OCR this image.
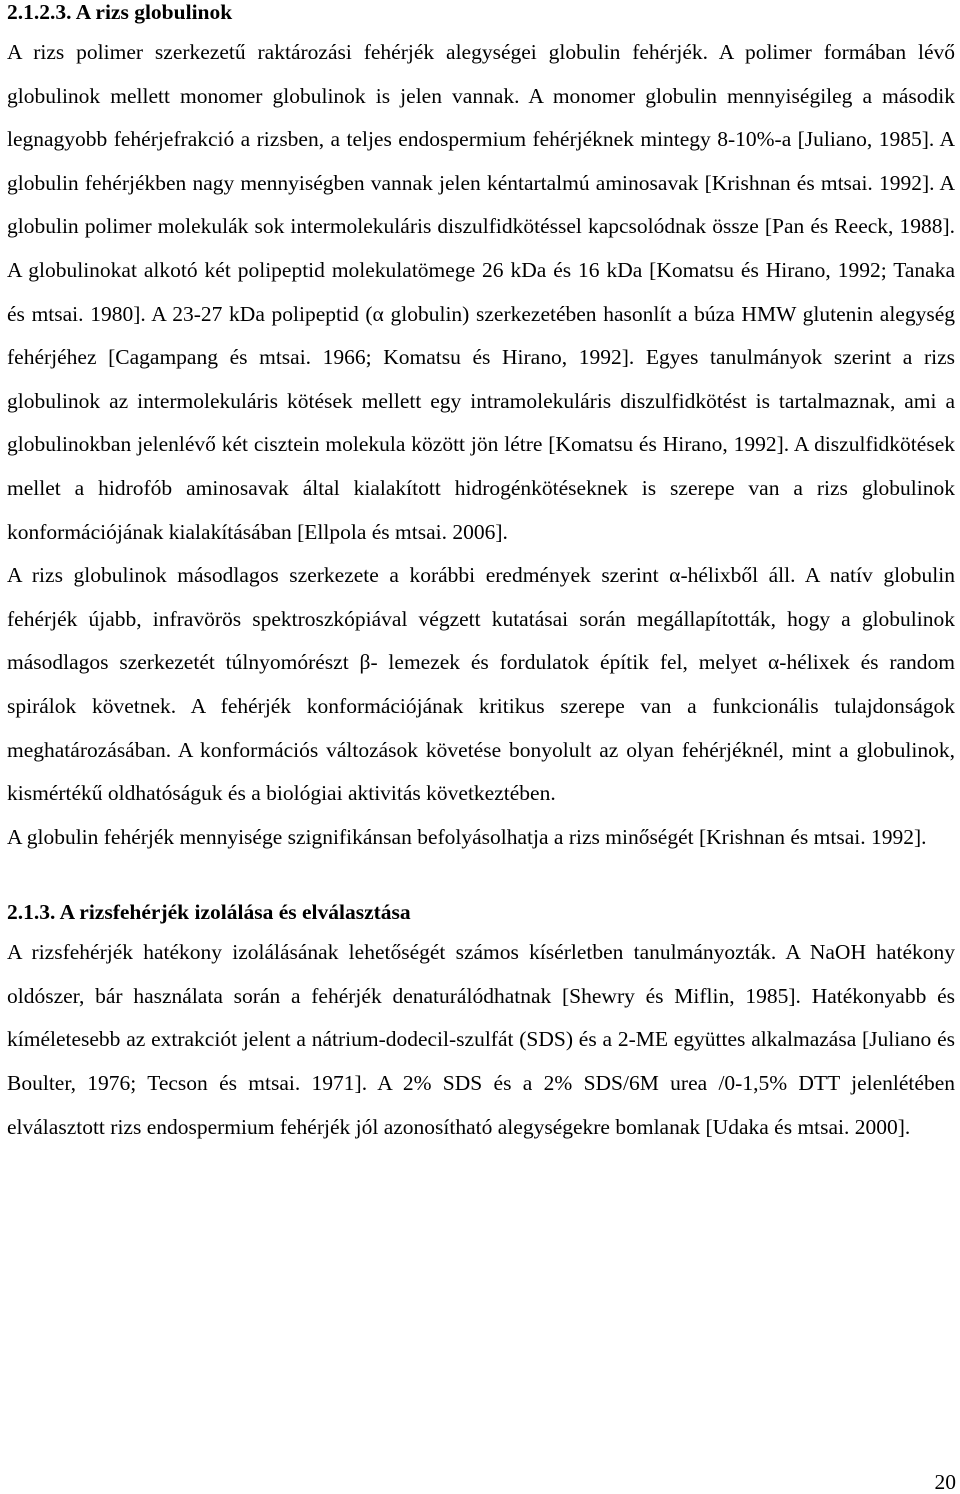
2.1.2.3. A rizs globulinok

A rizs polimer szerkezetű raktározási fehérjék alegységei globulin fehérjék. A polimer formában lévő globulinok mellett monomer globulinok is jelen vannak. A monomer globulin mennyiségileg a második legnagyobb fehérjefrakció a rizsben, a teljes endospermium fehérjéknek mintegy 8-10%-a [Juliano, 1985]. A globulin fehérjékben nagy mennyiségben vannak jelen kéntartalmú aminosavak [Krishnan és mtsai. 1992]. A globulin polimer molekulák sok intermolekuláris diszulfidkötéssel kapcsolódnak össze [Pan és Reeck, 1988]. A globulinokat alkotó két polipeptid molekulatömege 26 kDa és 16 kDa [Komatsu és Hirano, 1992; Tanaka és mtsai. 1980]. A 23-27 kDa polipeptid (α globulin) szerkezetében hasonlít a búza HMW glutenin alegység fehérjéhez [Cagampang és mtsai. 1966; Komatsu és Hirano, 1992]. Egyes tanulmányok szerint a rizs globulinok az intermolekuláris kötések mellett egy intramolekuláris diszulfidkötést is tartalmaznak, ami a globulinokban jelenlévő két cisztein molekula között jön létre [Komatsu és Hirano, 1992]. A diszulfidkötések mellet a hidrofób aminosavak által kialakított hidrogénkötéseknek is szerepe van a rizs globulinok konformációjának kialakításában [Ellpola és mtsai. 2006].

A rizs globulinok másodlagos szerkezete a korábbi eredmények szerint α-hélixből áll. A natív globulin fehérjék újabb, infravörös spektroszkópiával végzett kutatásai során megállapították, hogy a globulinok másodlagos szerkezetét túlnyomórészt β- lemezek és fordulatok építik fel, melyet α-hélixek és random spirálok követnek. A fehérjék konformációjának kritikus szerepe van a funkcionális tulajdonságok meghatározásában. A konformációs változások követése bonyolult az olyan fehérjéknél, mint a globulinok, kismértékű oldhatóságuk és a biológiai aktivitás következtében.

A globulin fehérjék mennyisége szignifikánsan befolyásolhatja a rizs minőségét [Krishnan és mtsai. 1992].

2.1.3. A rizsfehérjék izolálása és elválasztása

A rizsfehérjék hatékony izolálásának lehetőségét számos kísérletben tanulmányozták. A NaOH hatékony oldószer, bár használata során a fehérjék denaturálódhatnak [Shewry és Miflin, 1985]. Hatékonyabb és kíméletesebb az extrakciót jelent a nátrium-dodecil-szulfát (SDS) és a 2-ME együttes alkalmazása [Juliano és Boulter, 1976; Tecson és mtsai. 1971]. A 2% SDS és a 2% SDS/6M urea /0-1,5% DTT jelenlétében elválasztott rizs endospermium fehérjék jól azonosítható alegységekre bomlanak [Udaka és mtsai. 2000].

20
